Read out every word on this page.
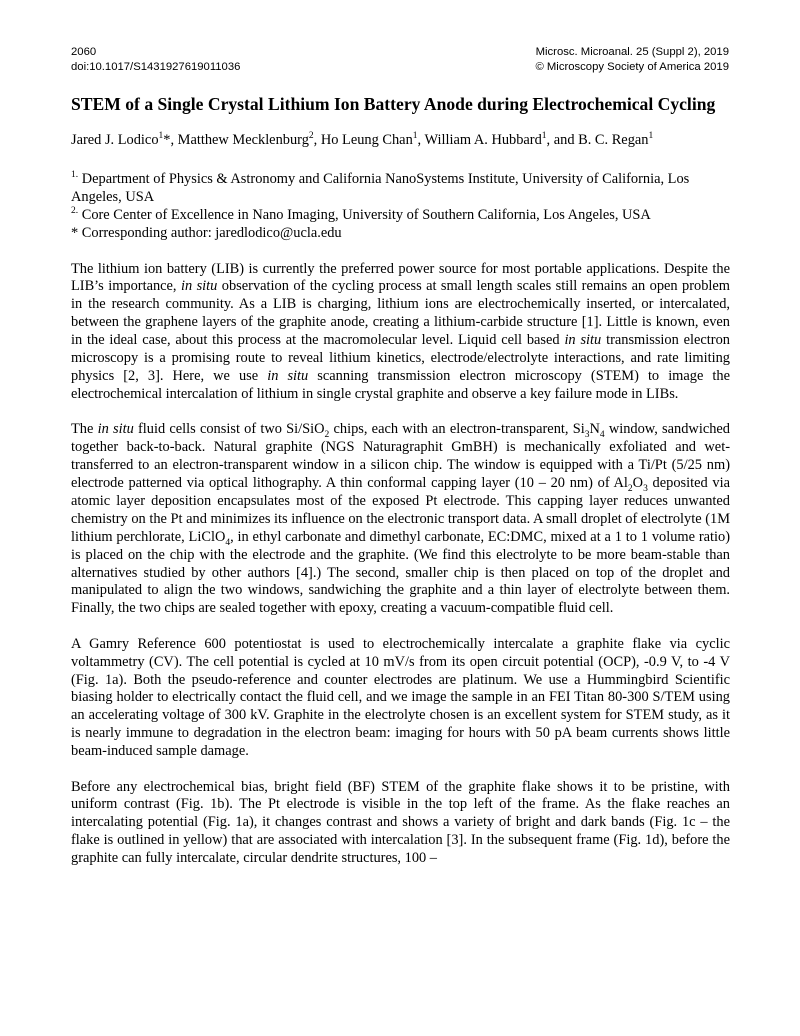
2060
doi:10.1017/S1431927619011036
Microsc. Microanal. 25 (Suppl 2), 2019
© Microscopy Society of America 2019
STEM of a Single Crystal Lithium Ion Battery Anode during Electrochemical Cycling

Jared J. Lodico$^1$*, Matthew Mecklenburg$^2$, Ho Leung Chan$^1$, William A. Hubbard$^1$, and B. C. Regan$^1$

$^{1.}$ Department of Physics & Astronomy and California NanoSystems Institute, University of California, Los Angeles, USA
$^{2.}$ Core Center of Excellence in Nano Imaging, University of Southern California, Los Angeles, USA
* Corresponding author: jaredlodico@ucla.edu

The lithium ion battery (LIB) is currently the preferred power source for most portable applications. Despite the LIB’s importance, in situ observation of the cycling process at small length scales still remains an open problem in the research community. As a LIB is charging, lithium ions are electrochemically inserted, or intercalated, between the graphene layers of the graphite anode, creating a lithium-carbide structure [1]. Little is known, even in the ideal case, about this process at the macromolecular level. Liquid cell based in situ transmission electron microscopy is a promising route to reveal lithium kinetics, electrode/electrolyte interactions, and rate limiting physics [2, 3]. Here, we use in situ scanning transmission electron microscopy (STEM) to image the electrochemical intercalation of lithium in single crystal graphite and observe a key failure mode in LIBs.

The in situ fluid cells consist of two Si/SiO$_2$ chips, each with an electron-transparent, $Si_3N_4$ window, sandwiched together back-to-back. Natural graphite (NGS Naturagraphit GmBH) is mechanically exfoliated and wet-transferred to an electron-transparent window in a silicon chip. The window is equipped with a Ti/Pt (5/25 nm) electrode patterned via optical lithography. A thin conformal capping layer (10 – 20 nm) of $Al_2O_3$ deposited via atomic layer deposition encapsulates most of the exposed Pt electrode. This capping layer reduces unwanted chemistry on the Pt and minimizes its influence on the electronic transport data. A small droplet of electrolyte (1M lithium perchlorate, LiClO$_4$, in ethyl carbonate and dimethyl carbonate, EC:DMC, mixed at a 1 to 1 volume ratio) is placed on the chip with the electrode and the graphite. (We find this electrolyte to be more beam-stable than alternatives studied by other authors [4].) The second, smaller chip is then placed on top of the droplet and manipulated to align the two windows, sandwiching the graphite and a thin layer of electrolyte between them. Finally, the two chips are sealed together with epoxy, creating a vacuum-compatible fluid cell.

A Gamry Reference 600 potentiostat is used to electrochemically intercalate a graphite flake via cyclic voltammetry (CV). The cell potential is cycled at 10 mV/s from its open circuit potential (OCP), -0.9 V, to -4 V (Fig. 1a). Both the pseudo-reference and counter electrodes are platinum. We use a Hummingbird Scientific biasing holder to electrically contact the fluid cell, and we image the sample in an FEI Titan 80-300 S/TEM using an accelerating voltage of 300 kV. Graphite in the electrolyte chosen is an excellent system for STEM study, as it is nearly immune to degradation in the electron beam: imaging for hours with 50 pA beam currents shows little beam-induced sample damage.

Before any electrochemical bias, bright field (BF) STEM of the graphite flake shows it to be pristine, with uniform contrast (Fig. 1b). The Pt electrode is visible in the top left of the frame. As the flake reaches an intercalating potential (Fig. 1a), it changes contrast and shows a variety of bright and dark bands (Fig. 1c – the flake is outlined in yellow) that are associated with intercalation [3]. In the subsequent frame (Fig. 1d), before the graphite can fully intercalate, circular dendrite structures, 100 –
